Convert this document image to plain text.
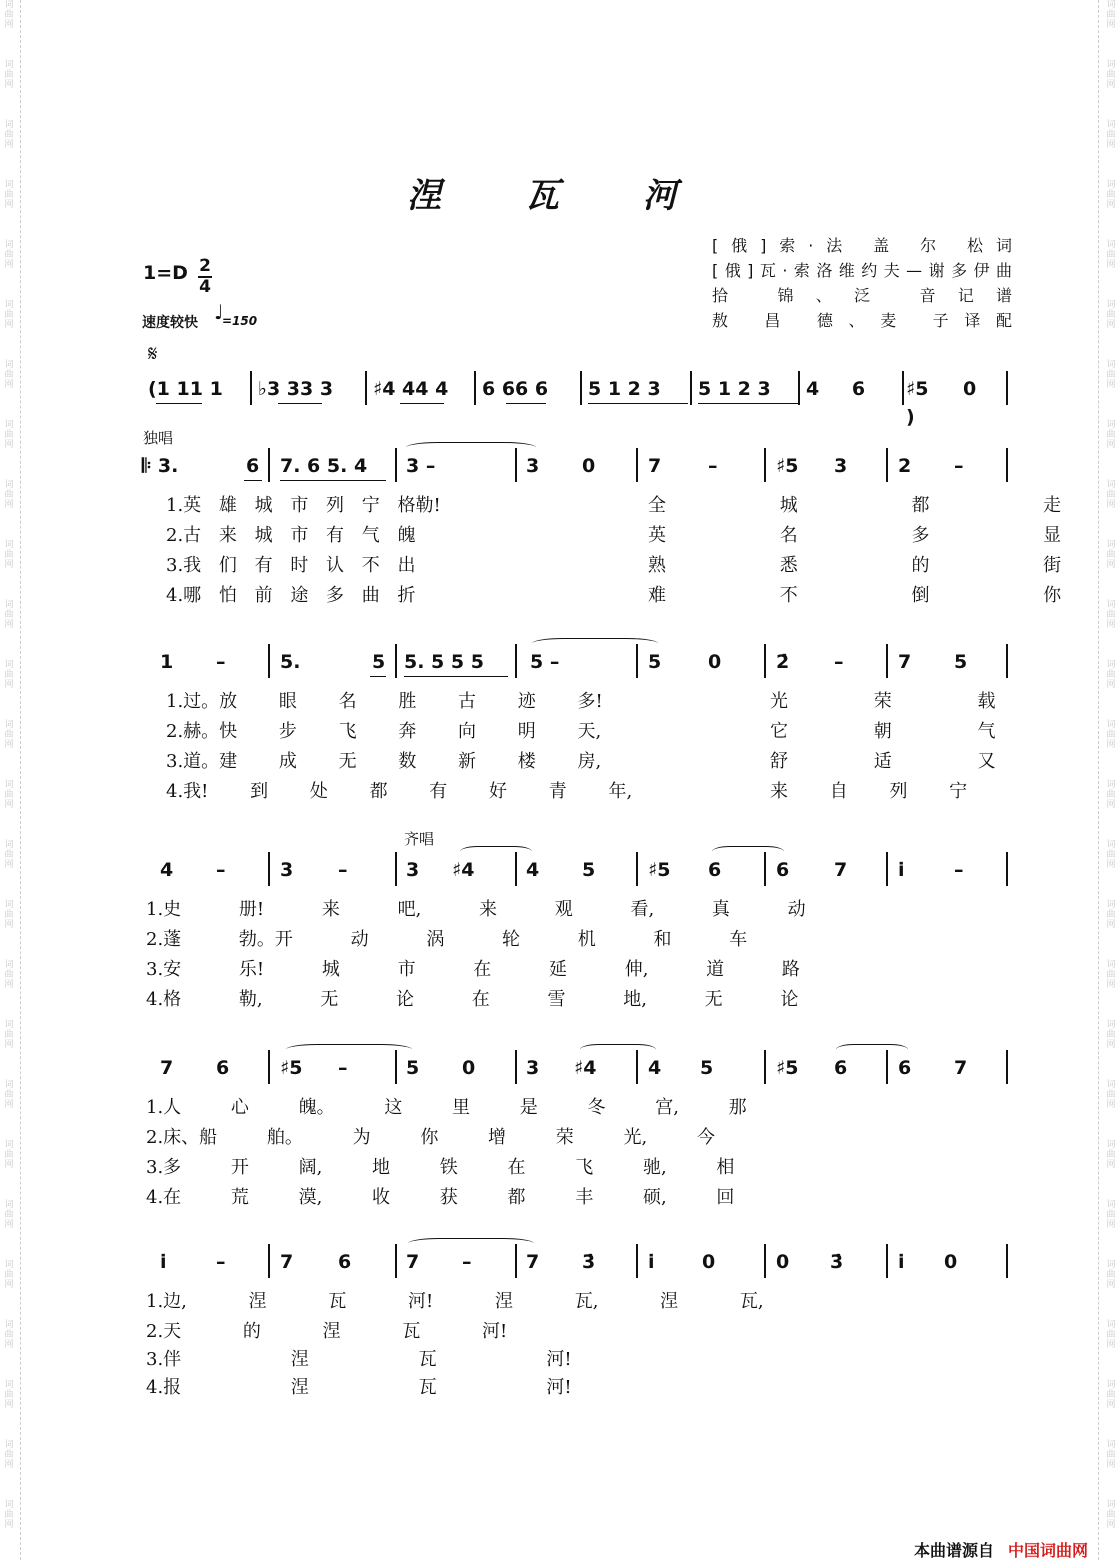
词曲网
词曲网
词曲网
词曲网
词曲网
词曲网
词曲网
词曲网
词曲网
词曲网
词曲网
词曲网
词曲网
词曲网
词曲网
词曲网
词曲网
词曲网
词曲网
词曲网
词曲网
词曲网
词曲网
词曲网
词曲网
词曲网
词曲网
词曲网
词曲网
词曲网
词曲网
词曲网
词曲网
词曲网
词曲网
词曲网
词曲网
词曲网
词曲网
词曲网
词曲网
词曲网
词曲网
词曲网
词曲网
词曲网
词曲网
词曲网
词曲网
词曲网
词曲网
词曲网
涅 瓦 河
[俄]索·法 盖 尔 松词
[俄]瓦·索洛维约夫—谢多伊曲
拾 锦、泛 音记谱
敖 昌 德、麦 子译配
1=D 2
4
速度较快 ♩
=150
𝄋
(1 11 1 ♭3 33 3 ♯4 44 4 6 66 6 5 1 2 3 5 1 2 3 4 6 ♯5 0 )
独唱
𝄆 3.	6 7. 6 5. 4 3 –	3 0	7 –	♯5 3	2 –
1.英 雄 城 市 列 宁 格勒!	全 城 都 走
2.古 来 城 市 有 气 魄	英 名 多 显
3.我 们 有 时 认 不 出	熟 悉 的 街
4.哪 怕 前 途 多 曲 折	难 不 倒 你
1 –	5.	5 5. 5 5 5 5 –	5 0	2̇ –	7 5
1.过。放 眼 名 胜 古 迹 多!	光 荣 载
2.赫。快 步 飞 奔 向 明 天,	它 朝 气
3.道。建 成 无 数 新 楼 房,	舒 适 又
4.我! 到 处 都 有 好 青 年,	来 自 列 宁
齐唱
4 –	3 –	3 ♯4	4 5	♯5 6	6 7	i̇	–
1.史 册! 来 吧, 来 观 看, 真 动
2.蓬 勃。开 动 涡 轮 机 和 车
3.安 乐! 城 市 在 延 伸, 道 路
4.格 勒, 无 论 在 雪 地, 无 论
7 6	♯5 –	5 0	3 ♯4	4 5	♯5 6	6 7
1.人 心 魄。 这 里 是 冬 宫, 那
2.床、船 舶。 为 你 增 荣 光, 今
3.多 开 阔, 地 铁 在 飞 驰, 相
4.在 荒 漠, 收 获 都 丰 硕, 回
i̇	–	7 6	7 –	7 3̇	i̇ 0	0 3̇	i̇ 0
1.边, 涅 瓦 河! 涅 瓦, 涅 瓦,
2.天 的 涅 瓦 河!
3.伴 涅 瓦 河!
4.报 涅 瓦 河!
本曲谱源自 中国词曲网
